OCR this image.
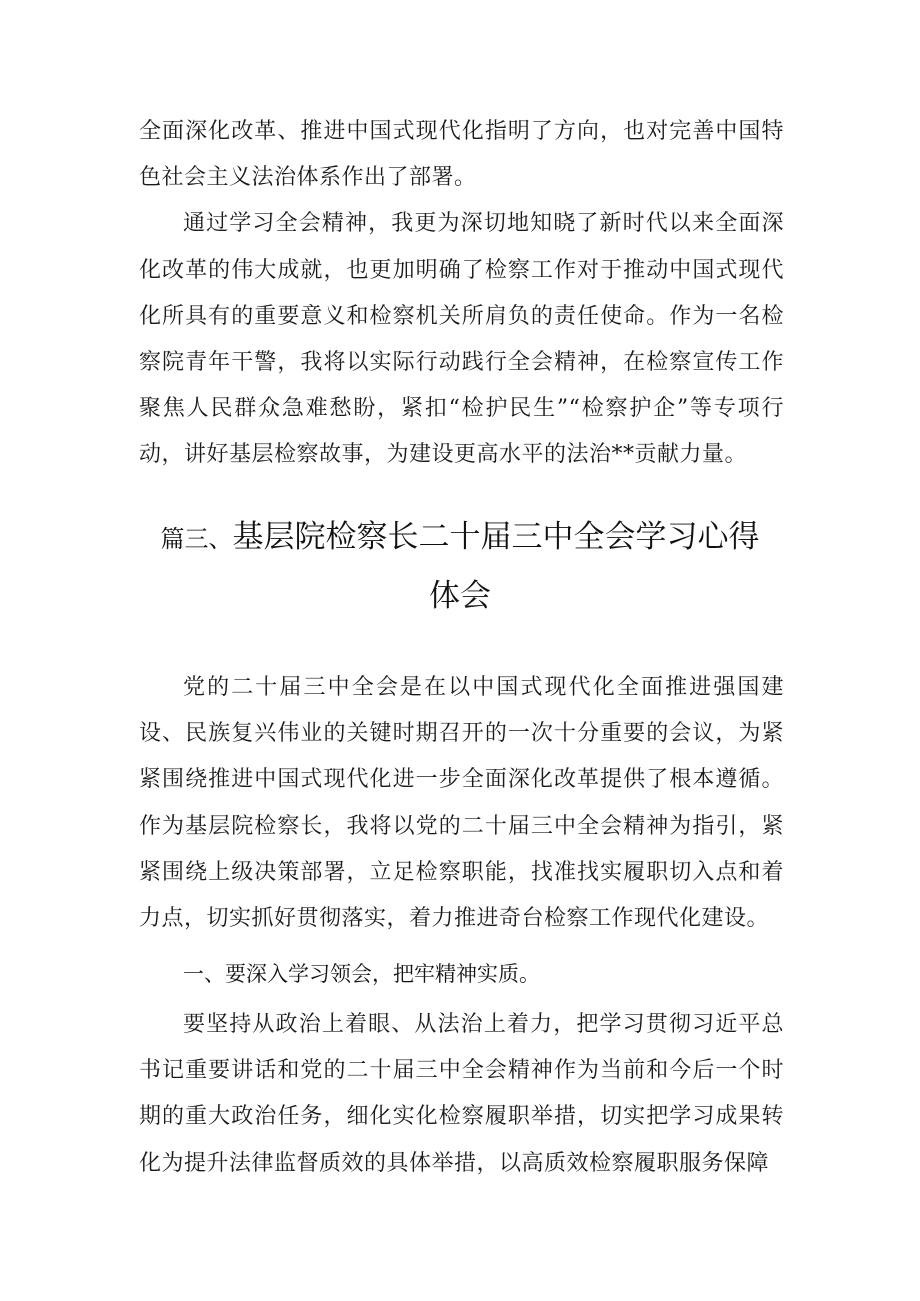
全面深化改革、推进中国式现代化指明了方向，也对完善中国特色社会主义法治体系作出了部署。

通过学习全会精神，我更为深切地知晓了新时代以来全面深化改革的伟大成就，也更加明确了检察工作对于推动中国式现代化所具有的重要意义和检察机关所肩负的责任使命。作为一名检察院青年干警，我将以实际行动践行全会精神，在检察宣传工作聚焦人民群众急难愁盼，紧扣“检护民生”“检察护企”等专项行动，讲好基层检察故事，为建设更高水平的法治**贡献力量。

篇三、基层院检察长二十届三中全会学习心得体会

党的二十届三中全会是在以中国式现代化全面推进强国建设、民族复兴伟业的关键时期召开的一次十分重要的会议，为紧紧围绕推进中国式现代化进一步全面深化改革提供了根本遵循。作为基层院检察长，我将以党的二十届三中全会精神为指引，紧紧围绕上级决策部署，立足检察职能，找准找实履职切入点和着力点，切实抓好贯彻落实，着力推进奇台检察工作现代化建设。

一、要深入学习领会，把牢精神实质。

要坚持从政治上着眼、从法治上着力，把学习贯彻习近平总书记重要讲话和党的二十届三中全会精神作为当前和今后一个时期的重大政治任务，细化实化检察履职举措，切实把学习成果转化为提升法律监督质效的具体举措，以高质效检察履职服务保障
